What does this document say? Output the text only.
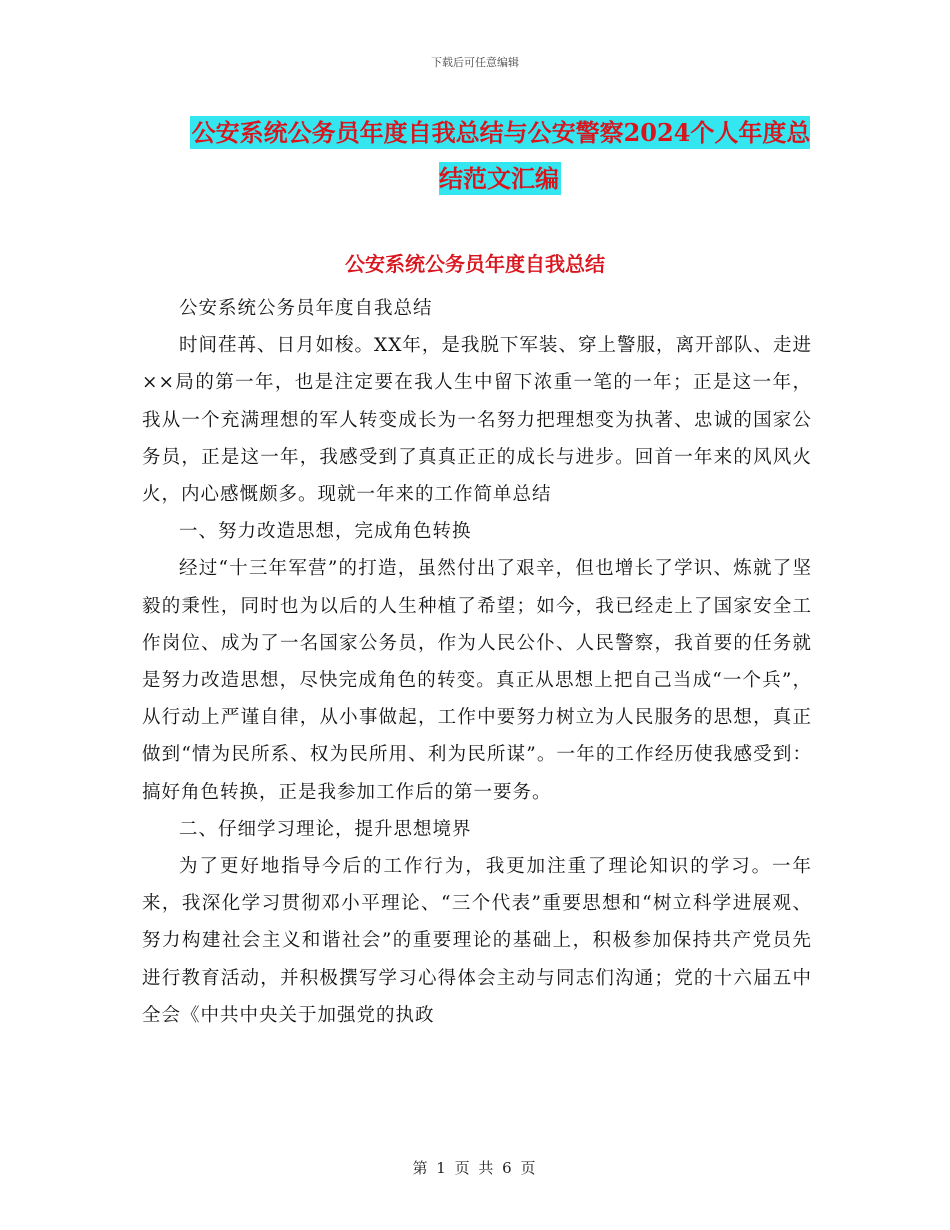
下载后可任意编辑
公安系统公务员年度自我总结与公安警察2024个人年度总结范文汇编
公安系统公务员年度自我总结

公安系统公务员年度自我总结

时间荏苒、日月如梭。XX年，是我脱下军装、穿上警服，离开部队、走进××局的第一年，也是注定要在我人生中留下浓重一笔的一年；正是这一年，我从一个充满理想的军人转变成长为一名努力把理想变为执著、忠诚的国家公务员，正是这一年，我感受到了真真正正的成长与进步。回首一年来的风风火火，内心感慨颇多。现就一年来的工作简单总结

一、努力改造思想，完成角色转换

经过“十三年军营”的打造，虽然付出了艰辛，但也增长了学识、炼就了坚毅的秉性，同时也为以后的人生种植了希望；如今，我已经走上了国家安全工作岗位、成为了一名国家公务员，作为人民公仆、人民警察，我首要的任务就是努力改造思想，尽快完成角色的转变。真正从思想上把自己当成“一个兵”，从行动上严谨自律，从小事做起，工作中要努力树立为人民服务的思想，真正做到“情为民所系、权为民所用、利为民所谋”。一年的工作经历使我感受到：搞好角色转换，正是我参加工作后的第一要务。

二、仔细学习理论，提升思想境界

为了更好地指导今后的工作行为，我更加注重了理论知识的学习。一年来，我深化学习贯彻邓小平理论、“三个代表”重要思想和“树立科学进展观、努力构建社会主义和谐社会”的重要理论的基础上，积极参加保持共产党员先进行教育活动，并积极撰写学习心得体会主动与同志们沟通；党的十六届五中全会《中共中央关于加强党的执政

第 1 页 共 6 页
